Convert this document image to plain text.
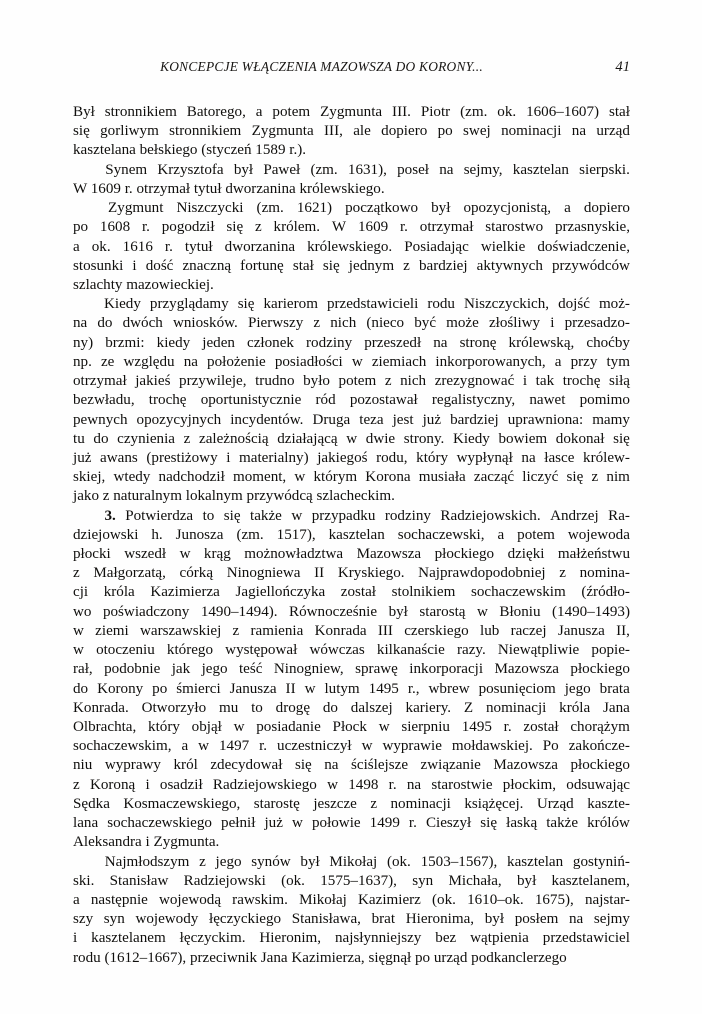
KONCEPCJE WŁĄCZENIA MAZOWSZA DO KORONY...	41
Był stronnikiem Batorego, a potem Zygmunta III. Piotr (zm. ok. 1606–1607) stał
się gorliwym stronnikiem Zygmunta III, ale dopiero po swej nominacji na urząd
kasztelana bełskiego (styczeń 1589 r.).
Synem Krzysztofa był Paweł (zm. 1631), poseł na sejmy, kasztelan sierpski.
W 1609 r. otrzymał tytuł dworzanina królewskiego.
Zygmunt Niszczycki (zm. 1621) początkowo był opozycjonistą, a dopiero
po 1608 r. pogodził się z królem. W 1609 r. otrzymał starostwo przasnyskie,
a ok. 1616 r. tytuł dworzanina królewskiego. Posiadając wielkie doświadczenie,
stosunki i dość znaczną fortunę stał się jednym z bardziej aktywnych przywódców
szlachty mazowieckiej.
Kiedy przyglądamy się karierom przedstawicieli rodu Niszczyckich, dojść moż-
na do dwóch wniosków. Pierwszy z nich (nieco być może złośliwy i przesadzo-
ny) brzmi: kiedy jeden członek rodziny przeszedł na stronę królewską, choćby
np. ze względu na położenie posiadłości w ziemiach inkorporowanych, a przy tym
otrzymał jakieś przywileje, trudno było potem z nich zrezygnować i tak trochę siłą
bezwładu, trochę oportunistycznie ród pozostawał regalistyczny, nawet pomimo
pewnych opozycyjnych incydentów. Druga teza jest już bardziej uprawniona: mamy
tu do czynienia z zależnością działającą w dwie strony. Kiedy bowiem dokonał się
już awans (prestiżowy i materialny) jakiegoś rodu, który wypłynął na łasce królew-
skiej, wtedy nadchodził moment, w którym Korona musiała zacząć liczyć się z nim
jako z naturalnym lokalnym przywódcą szlacheckim.
3. Potwierdza to się także w przypadku rodziny Radziejowskich. Andrzej Ra-
dziejowski h. Junosza (zm. 1517), kasztelan sochaczewski, a potem wojewoda
płocki wszedł w krąg możnowładztwa Mazowsza płockiego dzięki małżeństwu
z Małgorzatą, córką Ninogniewa II Kryskiego. Najprawdopodobniej z nomina-
cji króla Kazimierza Jagiellończyka został stolnikiem sochaczewskim (źródło-
wo poświadczony 1490–1494). Równocześnie był starostą w Błoniu (1490–1493)
w ziemi warszawskiej z ramienia Konrada III czerskiego lub raczej Janusza II,
w otoczeniu którego występował wówczas kilkanaście razy. Niewątpliwie popie-
rał, podobnie jak jego teść Ninogniew, sprawę inkorporacji Mazowsza płockiego
do Korony po śmierci Janusza II w lutym 1495 r., wbrew posunięciom jego brata
Konrada. Otworzyło mu to drogę do dalszej kariery. Z nominacji króla Jana
Olbrachta, który objął w posiadanie Płock w sierpniu 1495 r. został chorążym
sochaczewskim, a w 1497 r. uczestniczył w wyprawie mołdawskiej. Po zakończe-
niu wyprawy król zdecydował się na ściślejsze związanie Mazowsza płockiego
z Koroną i osadził Radziejowskiego w 1498 r. na starostwie płockim, odsuwając
Sędka Kosmaczewskiego, starostę jeszcze z nominacji książęcej. Urząd kaszte-
lana sochaczewskiego pełnił już w połowie 1499 r. Cieszył się łaską także królów
Aleksandra i Zygmunta.
Najmłodszym z jego synów był Mikołaj (ok. 1503–1567), kasztelan gostyniń-
ski. Stanisław Radziejowski (ok. 1575–1637), syn Michała, był kasztelanem,
a następnie wojewodą rawskim. Mikołaj Kazimierz (ok. 1610–ok. 1675), najstar-
szy syn wojewody łęczyckiego Stanisława, brat Hieronima, był posłem na sejmy
i kasztelanem łęczyckim. Hieronim, najsłynniejszy bez wątpienia przedstawiciel
rodu (1612–1667), przeciwnik Jana Kazimierza, sięgnął po urząd podkanclerzego
